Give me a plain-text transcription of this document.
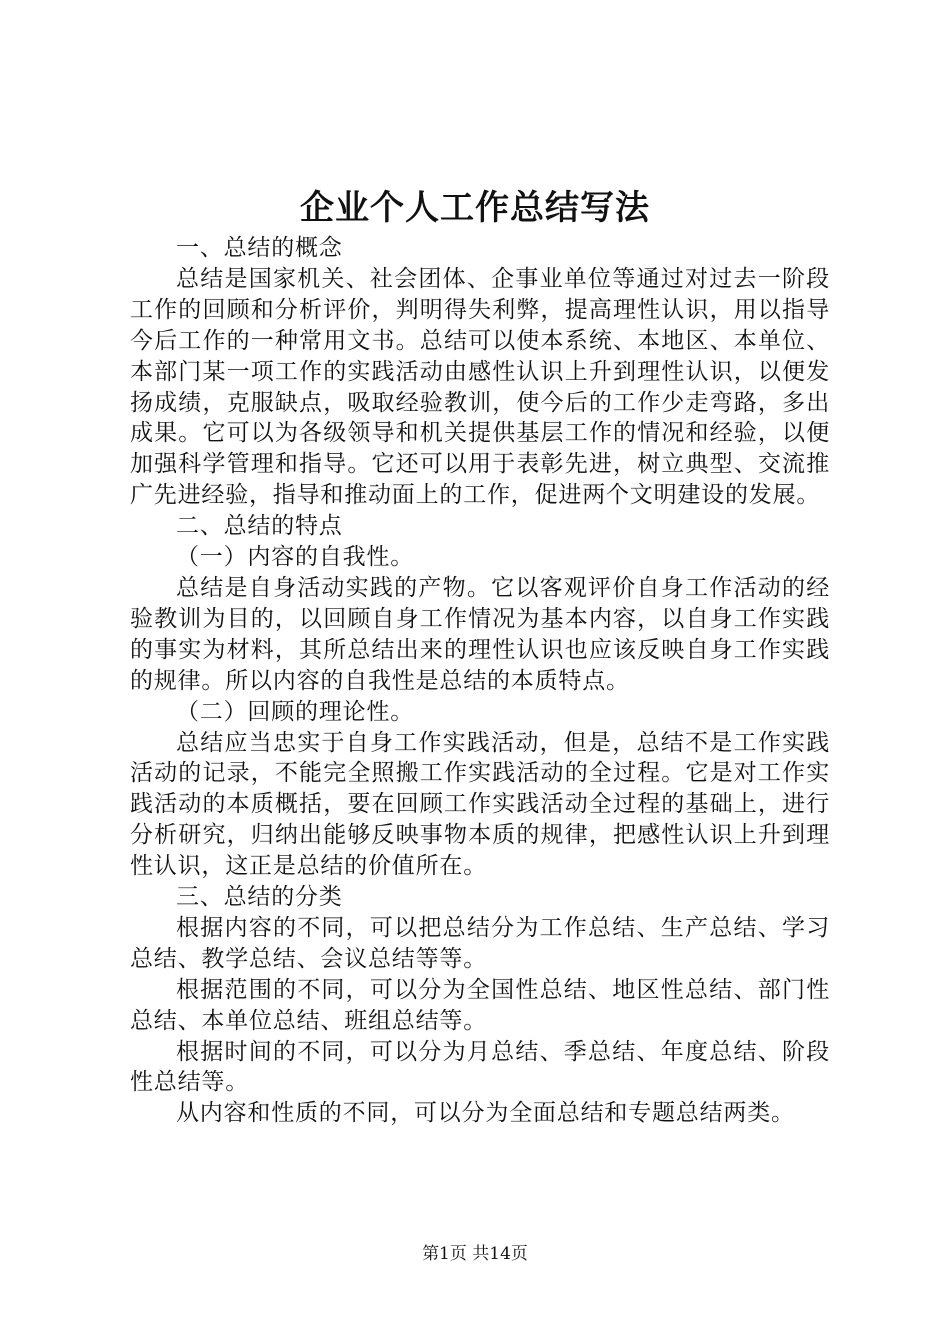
企业个人工作总结写法

一、总结的概念

总结是国家机关、社会团体、企事业单位等通过对过去一阶段工作的回顾和分析评价，判明得失利弊，提高理性认识，用以指导今后工作的一种常用文书。总结可以使本系统、本地区、本单位、本部门某一项工作的实践活动由感性认识上升到理性认识，以便发扬成绩，克服缺点，吸取经验教训，使今后的工作少走弯路，多出成果。它可以为各级领导和机关提供基层工作的情况和经验，以便加强科学管理和指导。它还可以用于表彰先进，树立典型、交流推广先进经验，指导和推动面上的工作，促进两个文明建设的发展。

二、总结的特点

（一）内容的自我性。

总结是自身活动实践的产物。它以客观评价自身工作活动的经验教训为目的，以回顾自身工作情况为基本内容，以自身工作实践的事实为材料，其所总结出来的理性认识也应该反映自身工作实践的规律。所以内容的自我性是总结的本质特点。

（二）回顾的理论性。

总结应当忠实于自身工作实践活动，但是，总结不是工作实践活动的记录，不能完全照搬工作实践活动的全过程。它是对工作实践活动的本质概括，要在回顾工作实践活动全过程的基础上，进行分析研究，归纳出能够反映事物本质的规律，把感性认识上升到理性认识，这正是总结的价值所在。

三、总结的分类

根据内容的不同，可以把总结分为工作总结、生产总结、学习总结、教学总结、会议总结等等。

根据范围的不同，可以分为全国性总结、地区性总结、部门性总结、本单位总结、班组总结等。

根据时间的不同，可以分为月总结、季总结、年度总结、阶段性总结等。

从内容和性质的不同，可以分为全面总结和专题总结两类。

第1页 共14页
